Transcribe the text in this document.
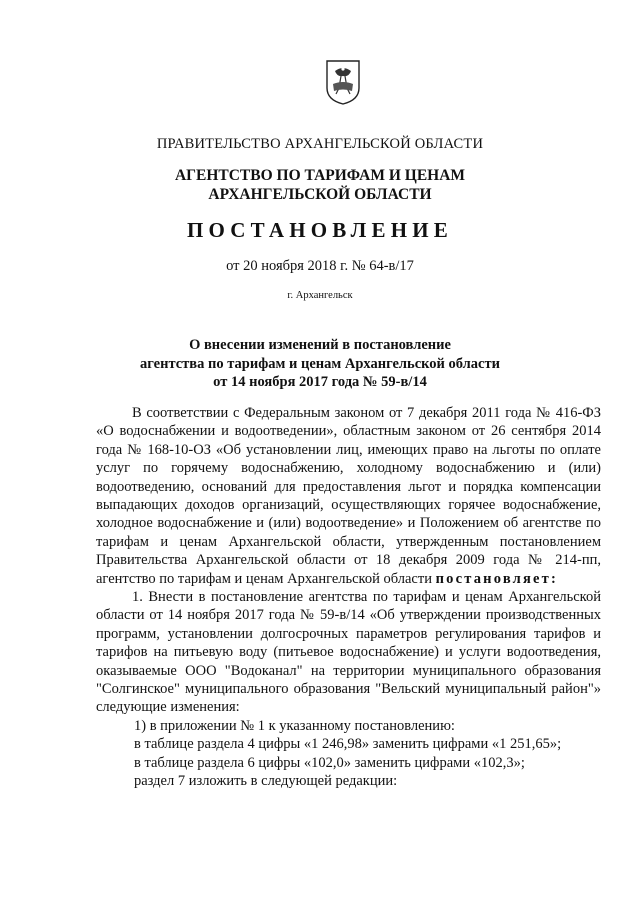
ПРАВИТЕЛЬСТВО АРХАНГЕЛЬСКОЙ ОБЛАСТИ
АГЕНТСТВО ПО ТАРИФАМ И ЦЕНАМ
АРХАНГЕЛЬСКОЙ ОБЛАСТИ
ПОСТАНОВЛЕНИЕ
от 20 ноября 2018 г. № 64-в/17
г. Архангельск
О внесении изменений в постановление
агентства по тарифам и ценам Архангельской области
от 14 ноября 2017 года № 59-в/14

В соответствии с Федеральным законом от 7 декабря 2011 года № 416-ФЗ «О водоснабжении и водоотведении», областным законом от 26 сентября 2014 года № 168-10-ОЗ «Об установлении лиц, имеющих право на льготы по оплате услуг по горячему водоснабжению, холодному водоснабжению и (или) водоотведению, оснований для предоставления льгот и порядка компенсации выпадающих доходов организаций, осуществляющих горячее водоснабжение, холодное водоснабжение и (или) водоотведение» и Положением об агентстве по тарифам и ценам Архангельской области, утвержденным постановлением Правительства Архангельской области от 18 декабря 2009 года № 214-пп, агентство по тарифам и ценам Архангельской области постановляет:

1. Внести в постановление агентства по тарифам и ценам Архангельской области от 14 ноября 2017 года № 59-в/14 «Об утверждении производственных программ, установлении долгосрочных параметров регулирования тарифов и тарифов на питьевую воду (питьевое водоснабжение) и услуги водоотведения, оказываемые ООО "Водоканал" на территории муниципального образования "Солгинское" муниципального образования "Вельский муниципальный район"» следующие изменения:

1) в приложении № 1 к указанному постановлению:

в таблице раздела 4 цифры «1 246,98» заменить цифрами «1 251,65»;

в таблице раздела 6 цифры «102,0» заменить цифрами «102,3»;

раздел 7 изложить в следующей редакции:
